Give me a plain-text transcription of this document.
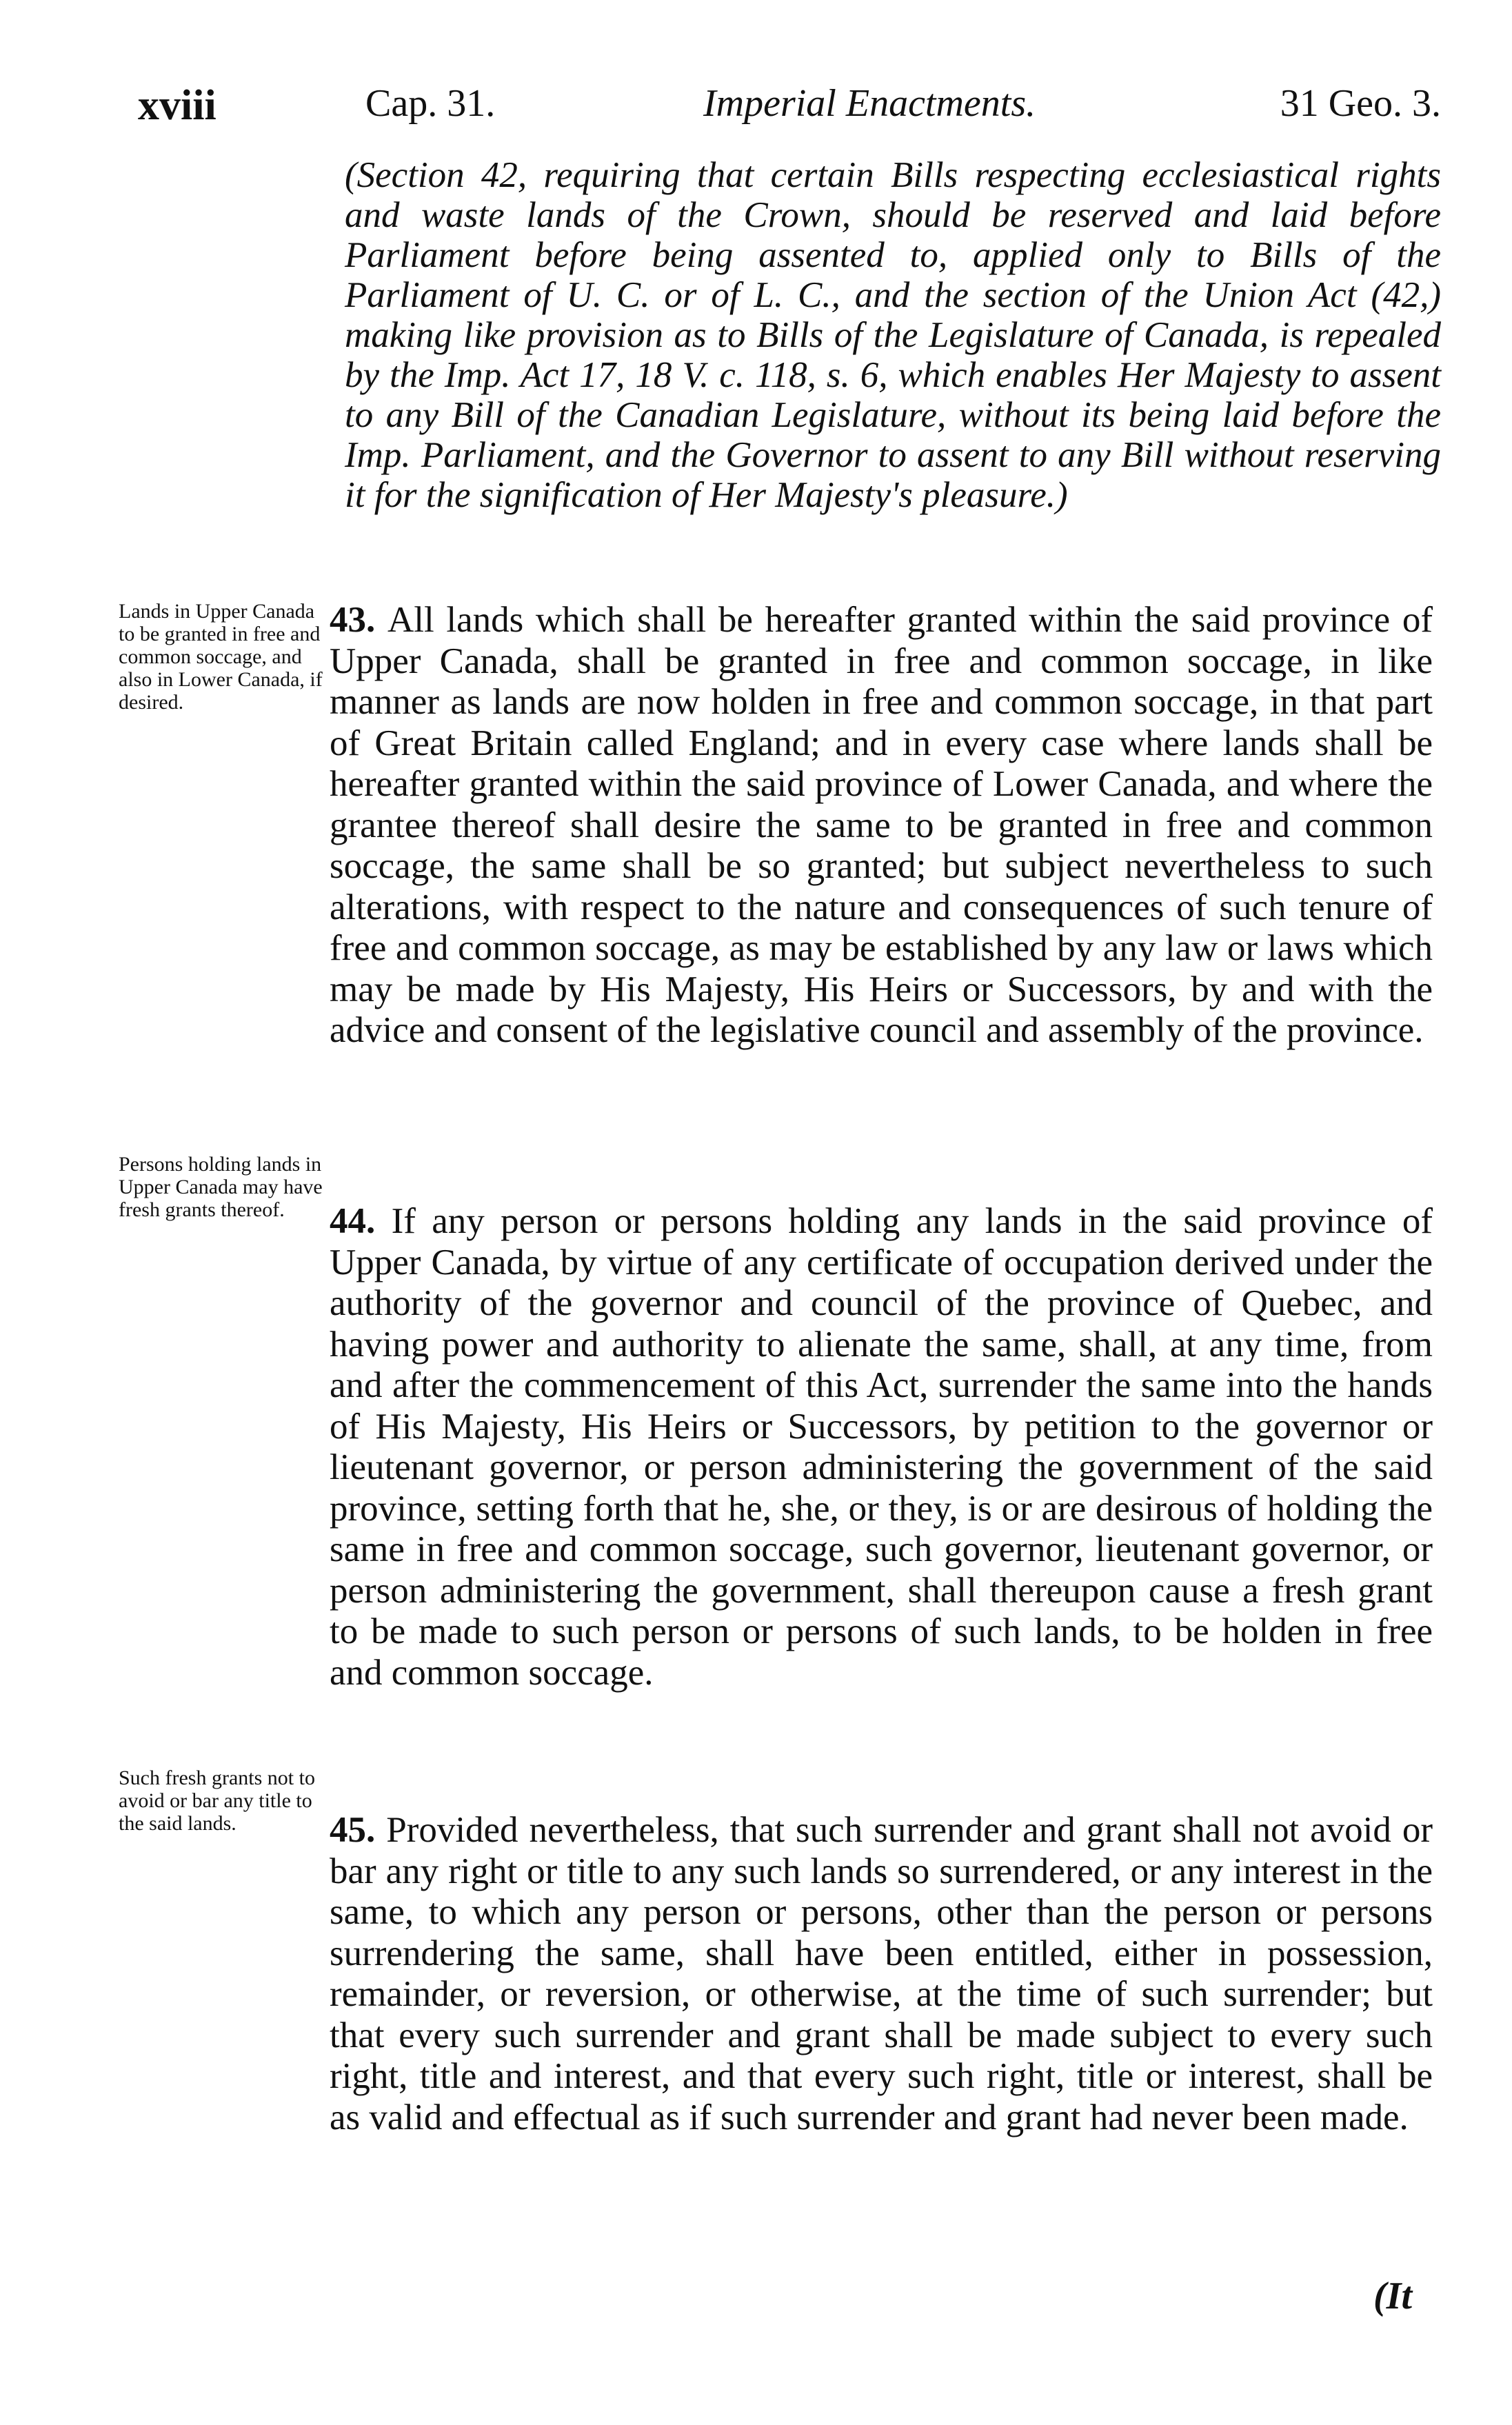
xviii	Cap. 31.	Imperial Enactments.	31 Geo. 3.
(Section 42, requiring that certain Bills respecting ecclesiastical rights and waste lands of the Crown, should be reserved and laid before Parliament before being assented to, applied only to Bills of the Parliament of U. C. or of L. C., and the section of the Union Act (42,) making like provision as to Bills of the Legislature of Canada, is repealed by the Imp. Act 17, 18 V. c. 118, s. 6, which enables Her Majesty to assent to any Bill of the Canadian Legislature, without its being laid before the Imp. Parliament, and the Governor to assent to any Bill without reserving it for the signification of Her Majesty's pleasure.)
Lands in Upper Canada to be granted in free and common soccage, and also in Lower Canada, if desired.
43. All lands which shall be hereafter granted within the said province of Upper Canada, shall be granted in free and common soccage, in like manner as lands are now holden in free and common soccage, in that part of Great Britain called England; and in every case where lands shall be hereafter granted within the said province of Lower Canada, and where the grantee thereof shall desire the same to be granted in free and common soccage, the same shall be so granted; but subject nevertheless to such alterations, with respect to the nature and consequences of such tenure of free and common soccage, as may be established by any law or laws which may be made by His Majesty, His Heirs or Successors, by and with the advice and consent of the legislative council and assembly of the province.
Persons holding lands in Upper Canada may have fresh grants thereof.	44. If any person or persons holding any lands in the said province of Upper Canada, by virtue of any certificate of occupation derived under the authority of the governor and council of the province of Quebec, and having power and authority to alienate the same, shall, at any time, from and after the commencement of this Act, surrender the same into the hands of His Majesty, His Heirs or Successors, by petition to the governor or lieutenant governor, or person administering the government of the said province, setting forth that he, she, or they, is or are desirous of holding the same in free and common soccage, such governor, lieutenant governor, or person administering the government, shall thereupon cause a fresh grant to be made to such person or persons of such lands, to be holden in free and common soccage.
Such fresh grants not to avoid or bar any title to the said lands.	45. Provided nevertheless, that such surrender and grant shall not avoid or bar any right or title to any such lands so surrendered, or any interest in the same, to which any person or persons, other than the person or persons surrendering the same, shall have been entitled, either in possession, remainder, or reversion, or otherwise, at the time of such surrender; but that every such surrender and grant shall be made subject to every such right, title and interest, and that every such right, title or interest, shall be as valid and effectual as if such surrender and grant had never been made.
(It
